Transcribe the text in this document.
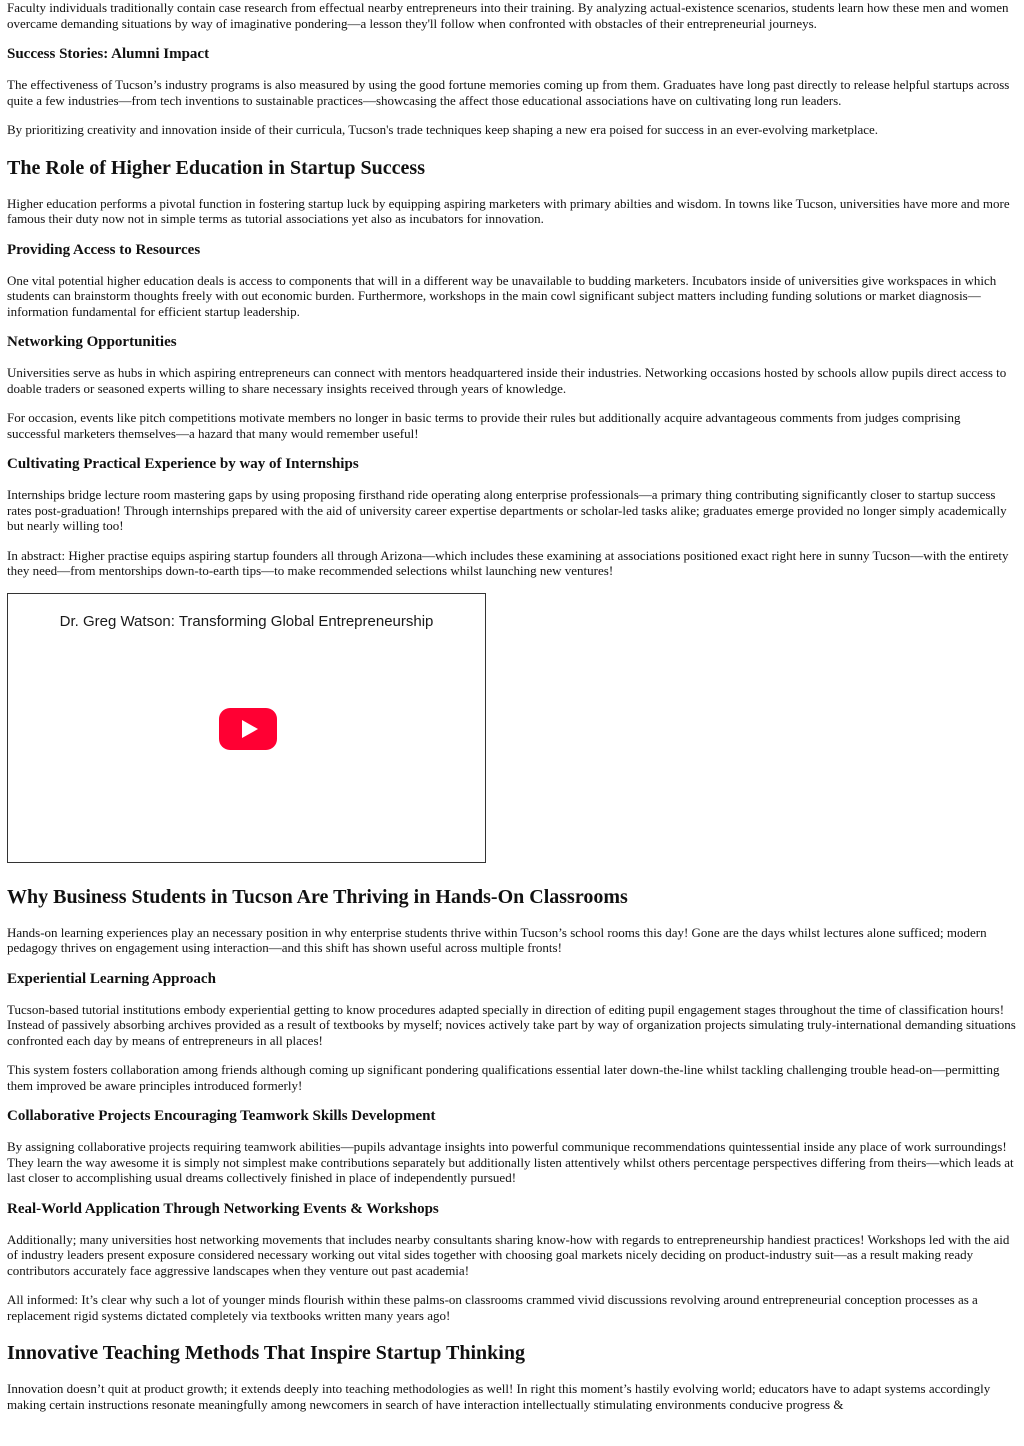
Faculty individuals traditionally contain case research from effectual nearby entrepreneurs into their training. By analyzing actual-existence scenarios, students learn how these men and women overcame demanding situations by way of imaginative pondering—a lesson they'll follow when confronted with obstacles of their entrepreneurial journeys.

Success Stories: Alumni Impact

The effectiveness of Tucson’s industry programs is also measured by using the good fortune memories coming up from them. Graduates have long past directly to release helpful startups across quite a few industries—from tech inventions to sustainable practices—showcasing the affect those educational associations have on cultivating long run leaders.

By prioritizing creativity and innovation inside of their curricula, Tucson's trade techniques keep shaping a new era poised for success in an ever-evolving marketplace.

The Role of Higher Education in Startup Success

Higher education performs a pivotal function in fostering startup luck by equipping aspiring marketers with primary abilties and wisdom. In towns like Tucson, universities have more and more famous their duty now not in simple terms as tutorial associations yet also as incubators for innovation.

Providing Access to Resources

One vital potential higher education deals is access to components that will in a different way be unavailable to budding marketers. Incubators inside of universities give workspaces in which students can brainstorm thoughts freely with out economic burden. Furthermore, workshops in the main cowl significant subject matters including funding solutions or market diagnosis—information fundamental for efficient startup leadership.

Networking Opportunities

Universities serve as hubs in which aspiring entrepreneurs can connect with mentors headquartered inside their industries. Networking occasions hosted by schools allow pupils direct access to doable traders or seasoned experts willing to share necessary insights received through years of knowledge.

For occasion, events like pitch competitions motivate members no longer in basic terms to provide their rules but additionally acquire advantageous comments from judges comprising successful marketers themselves—a hazard that many would remember useful!

Cultivating Practical Experience by way of Internships

Internships bridge lecture room mastering gaps by using proposing firsthand ride operating along enterprise professionals—a primary thing contributing significantly closer to startup success rates post-graduation! Through internships prepared with the aid of university career expertise departments or scholar-led tasks alike; graduates emerge provided no longer simply academically but nearly willing too!

In abstract: Higher practise equips aspiring startup founders all through Arizona—which includes these examining at associations positioned exact right here in sunny Tucson—with the entirety they need—from mentorships down-to-earth tips—to make recommended selections whilst launching new ventures!

Dr. Greg Watson: Transforming Global Entrepreneurship
Why Business Students in Tucson Are Thriving in Hands-On Classrooms

Hands-on learning experiences play an necessary position in why enterprise students thrive within Tucson’s school rooms this day! Gone are the days whilst lectures alone sufficed; modern pedagogy thrives on engagement using interaction—and this shift has shown useful across multiple fronts!

Experiential Learning Approach

Tucson-based tutorial institutions embody experiential getting to know procedures adapted specially in direction of editing pupil engagement stages throughout the time of classification hours! Instead of passively absorbing archives provided as a result of textbooks by myself; novices actively take part by way of organization projects simulating truly-international demanding situations confronted each day by means of entrepreneurs in all places!

This system fosters collaboration among friends although coming up significant pondering qualifications essential later down-the-line whilst tackling challenging trouble head-on—permitting them improved be aware principles introduced formerly!

Collaborative Projects Encouraging Teamwork Skills Development

By assigning collaborative projects requiring teamwork abilities—pupils advantage insights into powerful communique recommendations quintessential inside any place of work surroundings! They learn the way awesome it is simply not simplest make contributions separately but additionally listen attentively whilst others percentage perspectives differing from theirs—which leads at last closer to accomplishing usual dreams collectively finished in place of independently pursued!

Real-World Application Through Networking Events & Workshops

Additionally; many universities host networking movements that includes nearby consultants sharing know-how with regards to entrepreneurship handiest practices! Workshops led with the aid of industry leaders present exposure considered necessary working out vital sides together with choosing goal markets nicely deciding on product-industry suit—as a result making ready contributors accurately face aggressive landscapes when they venture out past academia!

All informed: It’s clear why such a lot of younger minds flourish within these palms-on classrooms crammed vivid discussions revolving around entrepreneurial conception processes as a replacement rigid systems dictated completely via textbooks written many years ago!

Innovative Teaching Methods That Inspire Startup Thinking

Innovation doesn’t quit at product growth; it extends deeply into teaching methodologies as well! In right this moment’s hastily evolving world; educators have to adapt systems accordingly making certain instructions resonate meaningfully among newcomers in search of have interaction intellectually stimulating environments conducive progress &
